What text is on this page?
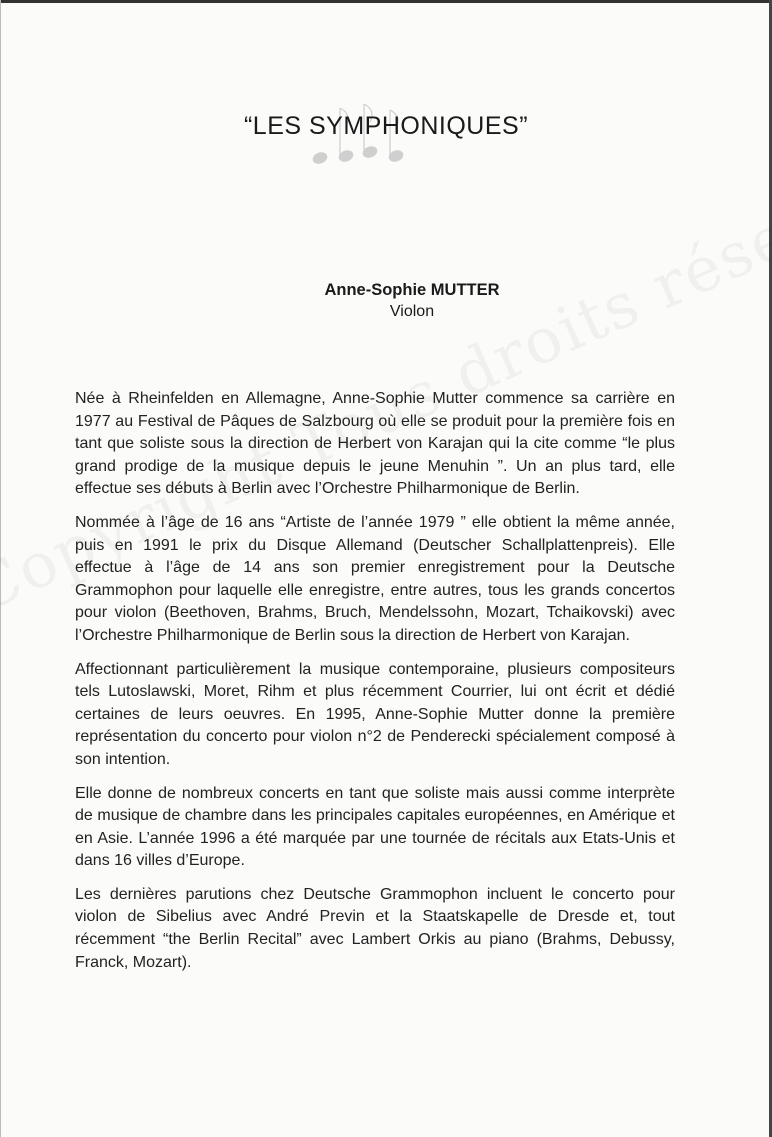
“LES SYMPHONIQUES”
Anne-Sophie MUTTER
Violon

Née à Rheinfelden en Allemagne, Anne-Sophie Mutter commence sa carrière en 1977 au Festival de Pâques de Salzbourg où elle se produit pour la première fois en tant que soliste sous la direction de Herbert von Karajan qui la cite comme “le plus grand prodige de la musique depuis le jeune Menuhin ”. Un an plus tard, elle effectue ses débuts à Berlin avec l’Orchestre Philharmonique de Berlin.

Nommée à l’âge de 16 ans “Artiste de l’année 1979 ” elle obtient la même année, puis en 1991 le prix du Disque Allemand (Deutscher Schallplattenpreis). Elle effectue à l’âge de 14 ans son premier enregistrement pour la Deutsche Grammophon pour laquelle elle enregistre, entre autres, tous les grands concertos pour violon (Beethoven, Brahms, Bruch, Mendelssohn, Mozart, Tchaikovski) avec l’Orchestre Philharmonique de Berlin sous la direction de Herbert von Karajan.

Affectionnant particulièrement la musique contemporaine, plusieurs compositeurs tels Lutoslawski, Moret, Rihm et plus récemment Courrier, lui ont écrit et dédié certaines de leurs oeuvres. En 1995, Anne-Sophie Mutter donne la première représentation du concerto pour violon n°2 de Penderecki spécialement composé à son intention.

Elle donne de nombreux concerts en tant que soliste mais aussi comme interprète de musique de chambre dans les principales capitales européennes, en Amérique et en Asie. L’année 1996 a été marquée par une tournée de récitals aux Etats-Unis et dans 16 villes d’Europe.

Les dernières parutions chez Deutsche Grammophon incluent le concerto pour violon de Sibelius avec André Previn et la Staatskapelle de Dresde et, tout récemment “the Berlin Recital” avec Lambert Orkis au piano (Brahms, Debussy, Franck, Mozart).
